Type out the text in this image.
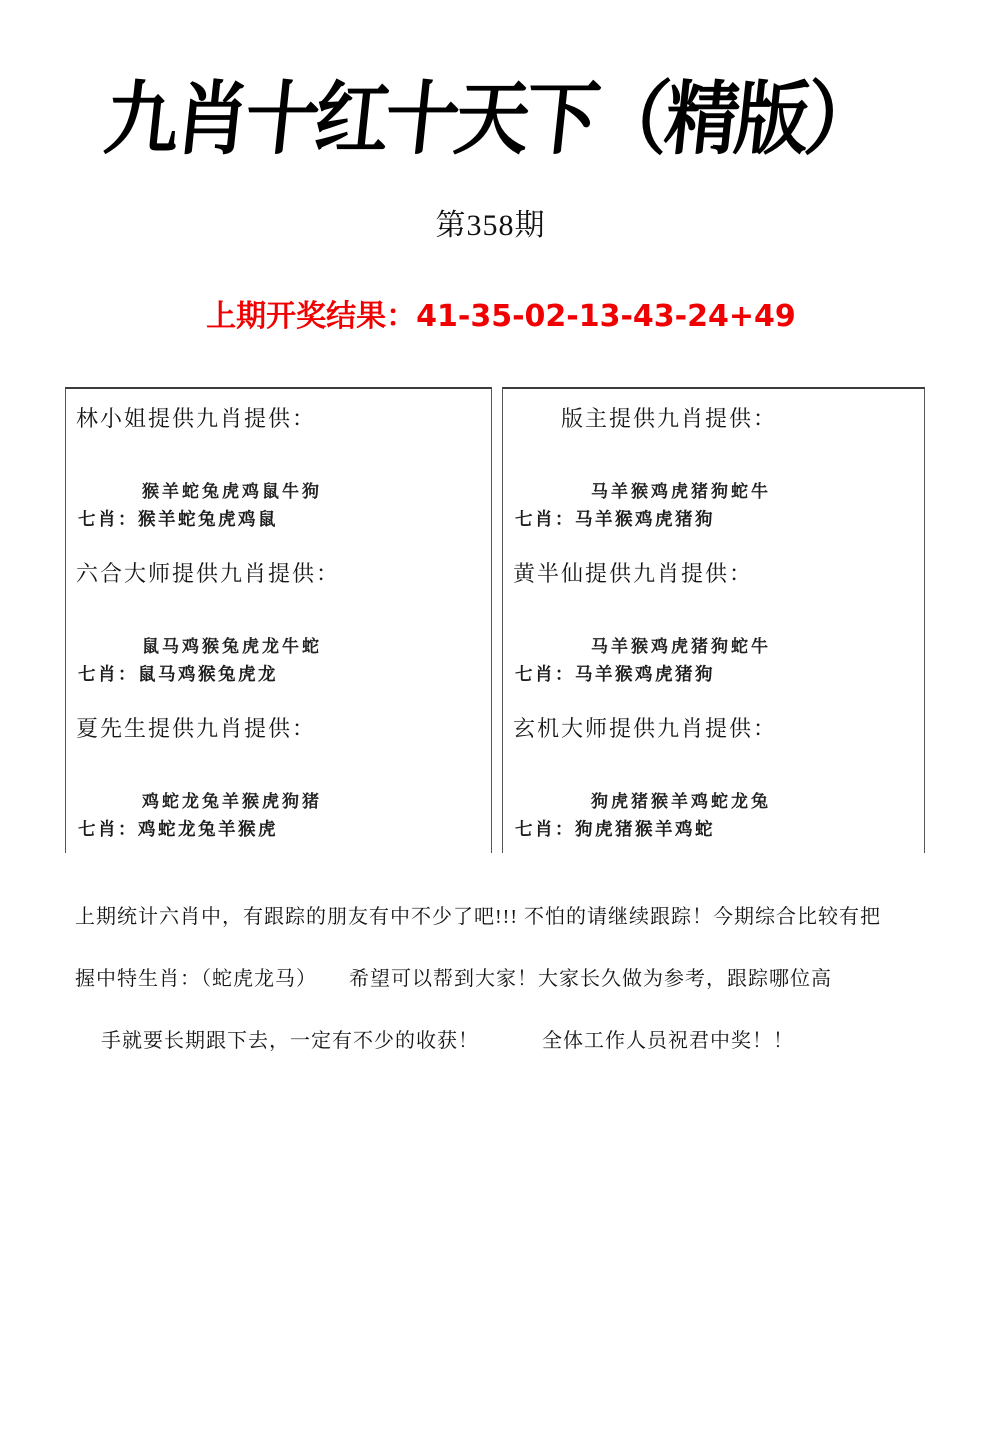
九肖十红十天下（精版）
第358期

上期开奖结果：41-35-02-13-43-24+49

林小姐提供九肖提供：
猴羊蛇兔虎鸡鼠牛狗
七肖：猴羊蛇兔虎鸡鼠
六合大师提供九肖提供：
鼠马鸡猴兔虎龙牛蛇
七肖：鼠马鸡猴兔虎龙
夏先生提供九肖提供：
鸡蛇龙兔羊猴虎狗猪
七肖：鸡蛇龙兔羊猴虎
版主提供九肖提供：
马羊猴鸡虎猪狗蛇牛
七肖：马羊猴鸡虎猪狗
黄半仙提供九肖提供：
马羊猴鸡虎猪狗蛇牛
七肖：马羊猴鸡虎猪狗
玄机大师提供九肖提供：
狗虎猪猴羊鸡蛇龙兔
七肖：狗虎猪猴羊鸡蛇
上期统计六肖中，有跟踪的朋友有中不少了吧!!! 不怕的请继续跟踪！今期综合比较有把
握中特生肖：（蛇虎龙马）　　希望可以帮到大家！大家长久做为参考，跟踪哪位高
手就要长期跟下去，一定有不少的收获！　　　全体工作人员祝君中奖！！
